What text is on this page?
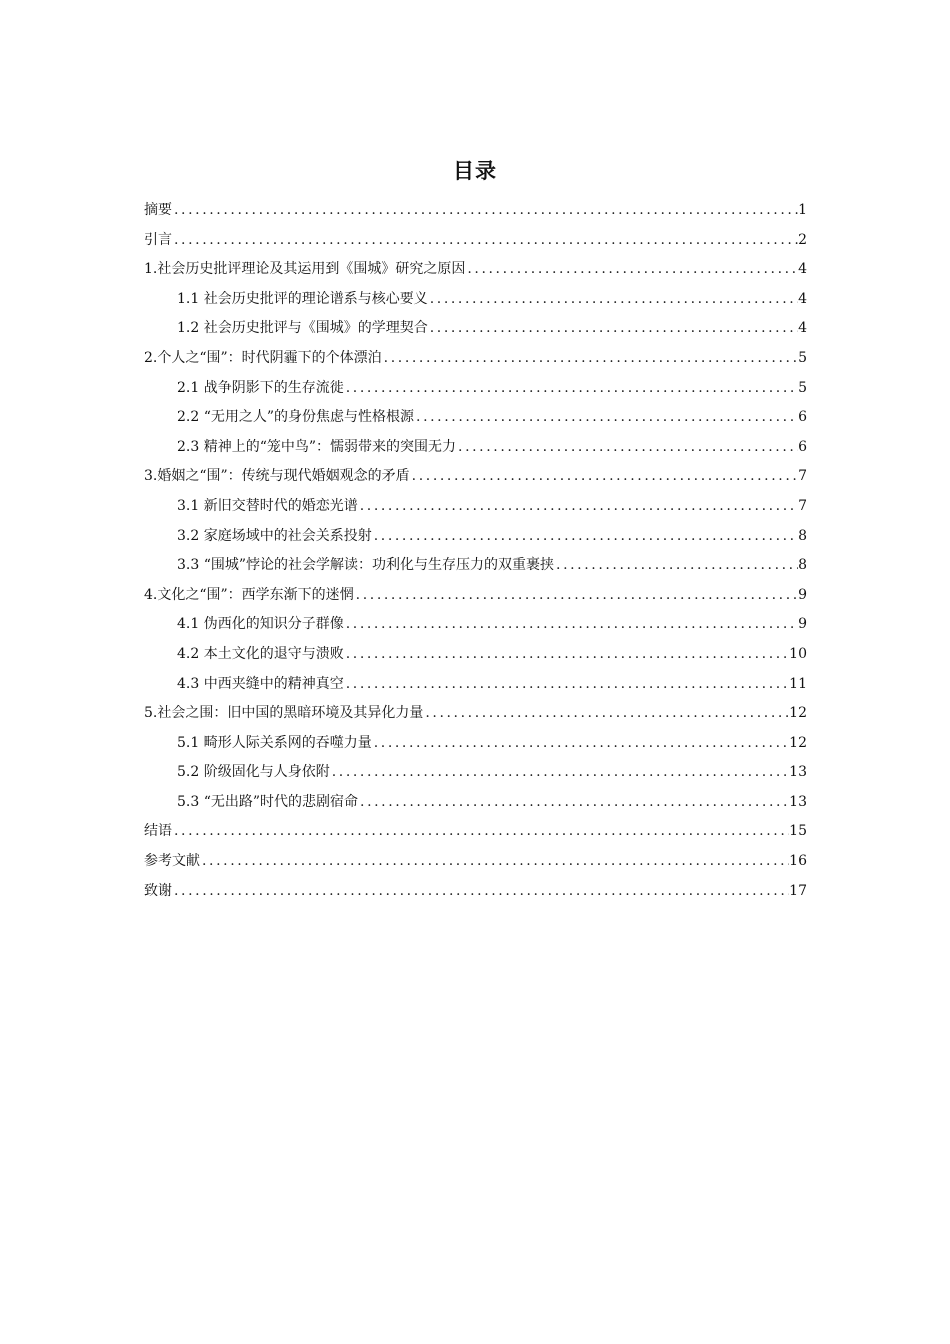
目录
摘要 .....	1
引言 .....	2
1.社会历史批评理论及其运用到《围城》研究之原因 .....	4
1.1 社会历史批评的理论谱系与核心要义 .....	4
1.2 社会历史批评与《围城》的学理契合 .....	4
2.个人之“围”：时代阴霾下的个体漂泊 .....	5
2.1 战争阴影下的生存流徙 .....	5
2.2 “无用之人”的身份焦虑与性格根源 .....	6
2.3 精神上的“笼中鸟”：懦弱带来的突围无力 .....	6
3.婚姻之“围”：传统与现代婚姻观念的矛盾 .....	7
3.1 新旧交替时代的婚恋光谱 .....	7
3.2 家庭场域中的社会关系投射 .....	8
3.3 “围城”悖论的社会学解读：功利化与生存压力的双重裹挟 .....	8
4.文化之“围”：西学东渐下的迷惘 .....	9
4.1 伪西化的知识分子群像 .....	9
4.2 本土文化的退守与溃败 .....	10
4.3 中西夹缝中的精神真空 .....	11
5.社会之围：旧中国的黑暗环境及其异化力量 .....	12
5.1 畸形人际关系网的吞噬力量 .....	12
5.2 阶级固化与人身依附 .....	13
5.3 “无出路”时代的悲剧宿命 .....	13
结语 .....	15
参考文献 .....	16
致谢 .....	17
